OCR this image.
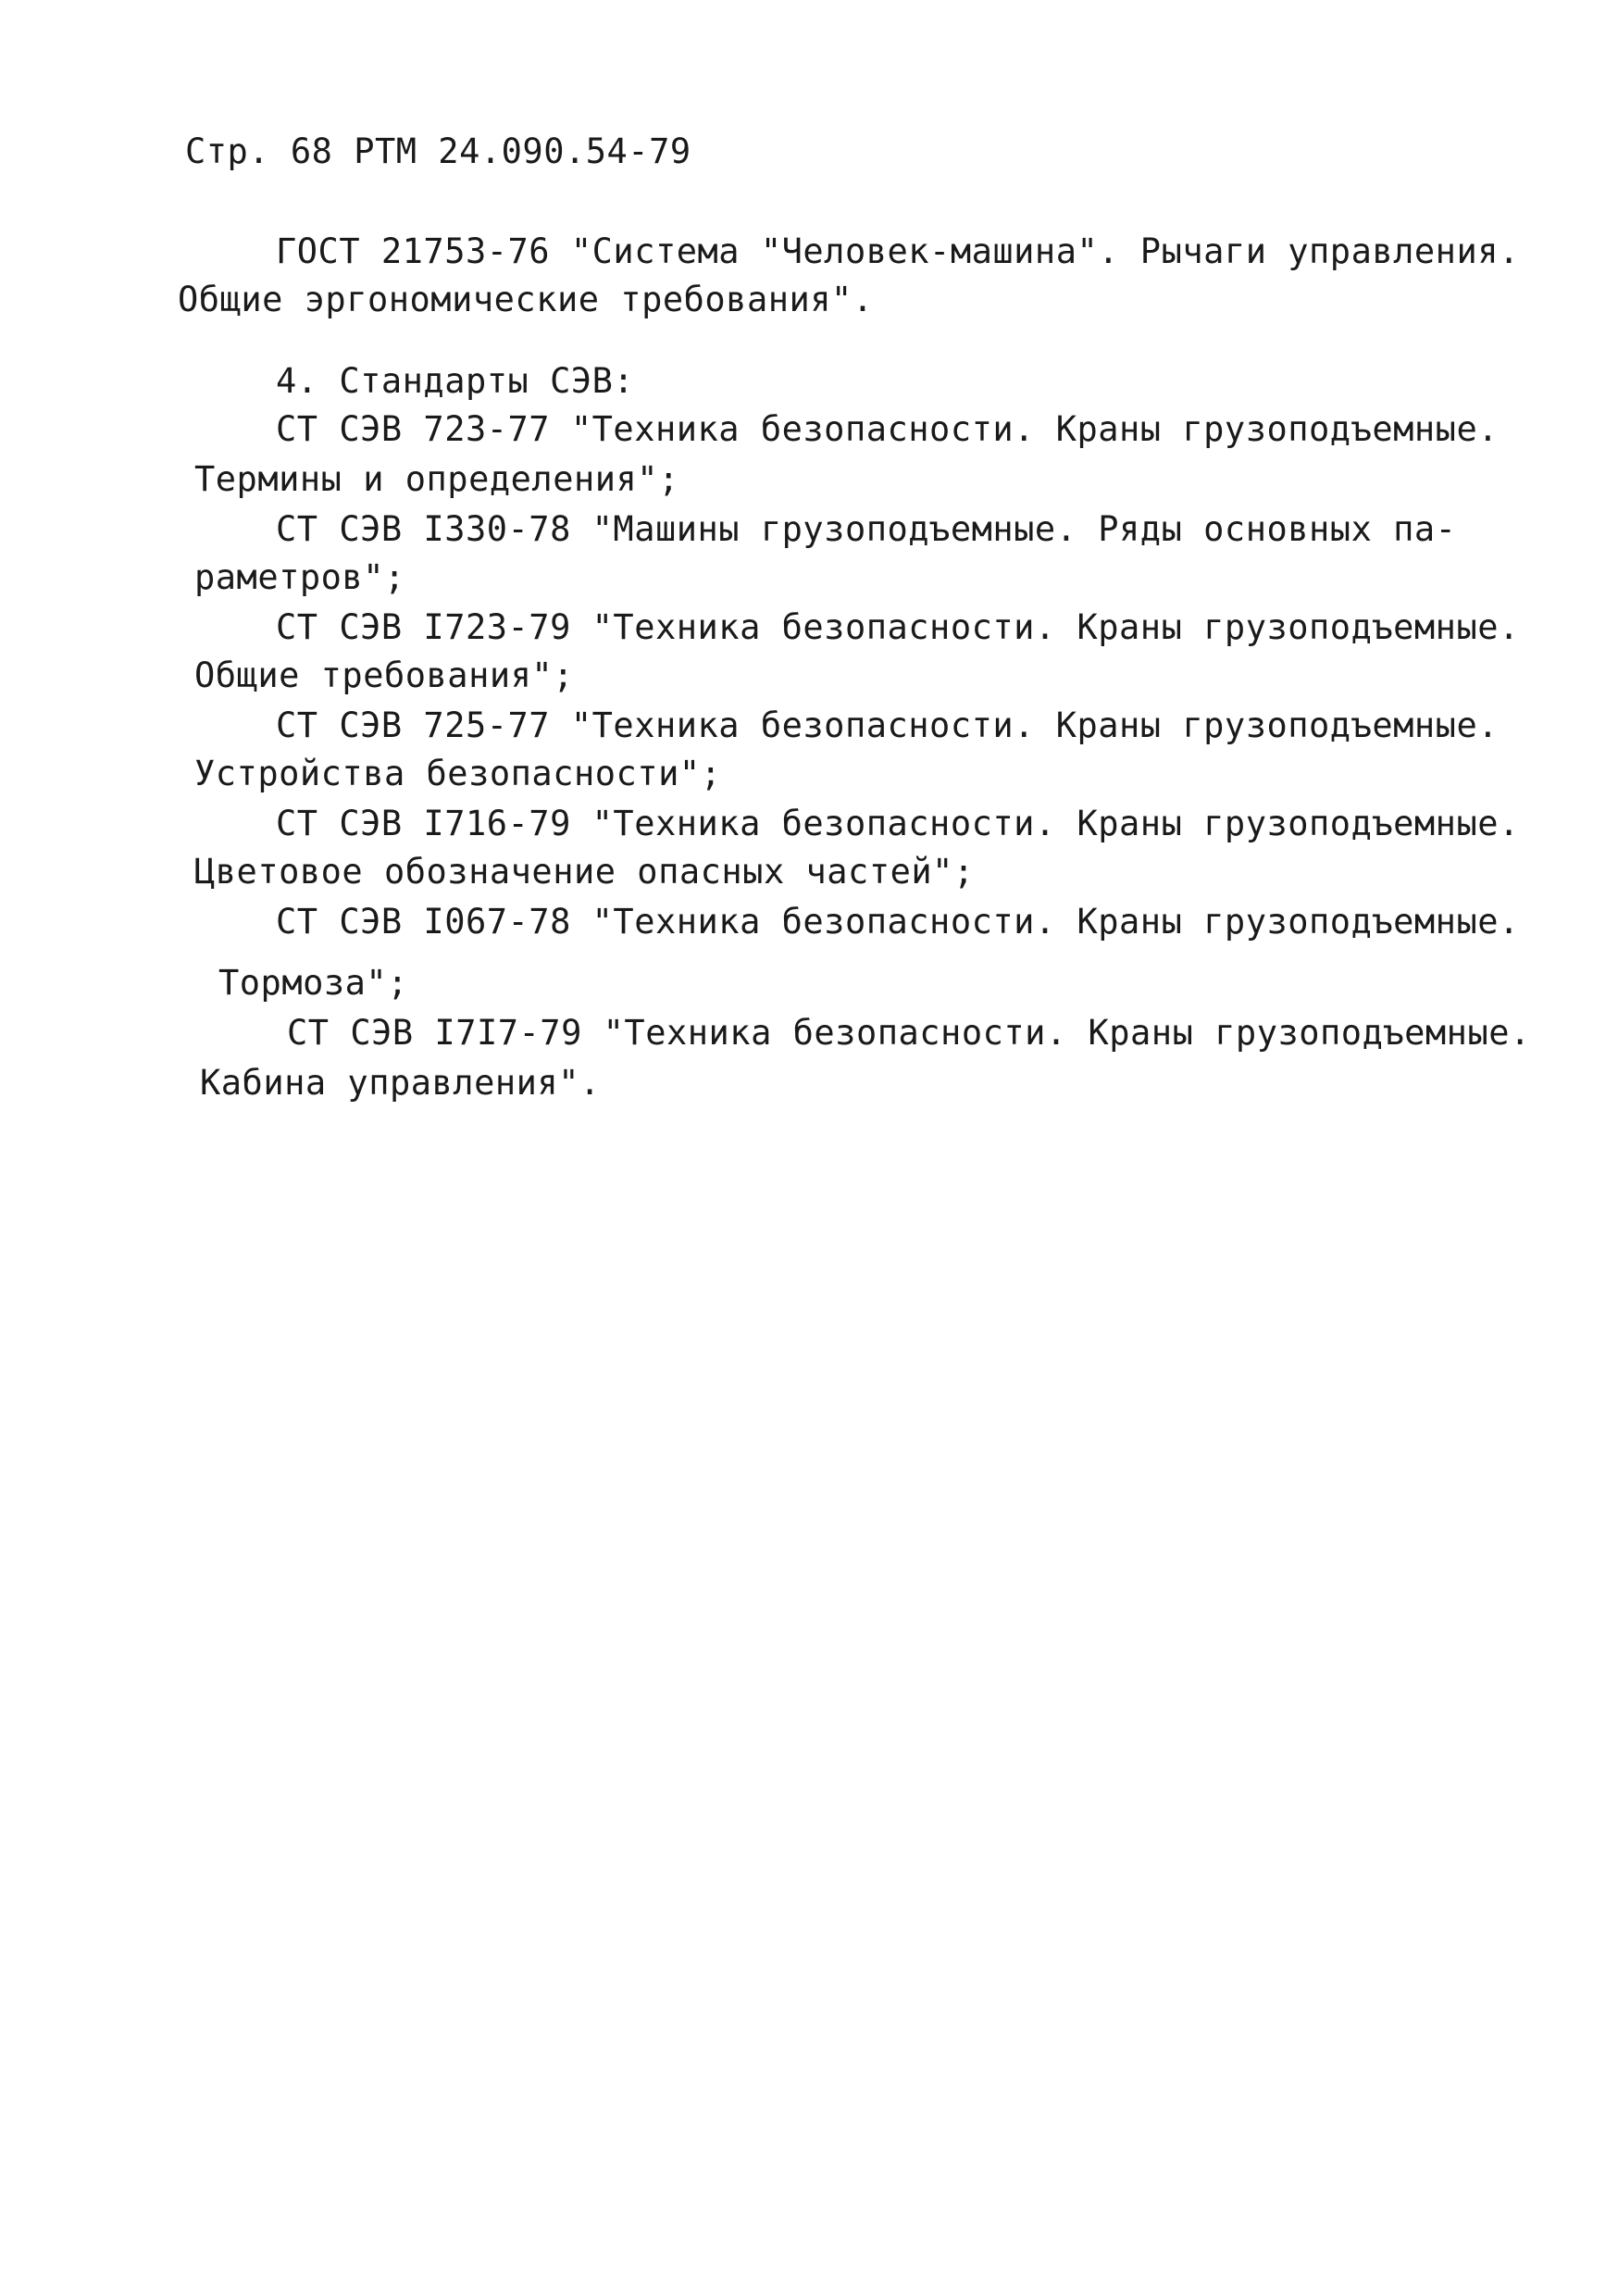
Стр. 68 РТМ 24.090.54-79
ГОСТ 21753-76 "Система "Человек-машина". Рычаги управления.
Общие эргономические требования".
4. Стандарты СЭВ:
СТ СЭВ 723-77 "Техника безопасности. Краны грузоподъемные.
Термины и определения";
СТ СЭВ I330-78 "Машины грузоподъемные. Ряды основных па-
раметров";
СТ СЭВ I723-79 "Техника безопасности. Краны грузоподъемные.
Общие требования";
СТ СЭВ 725-77 "Техника безопасности. Краны грузоподъемные.
Устройства безопасности";
СТ СЭВ I716-79 "Техника безопасности. Краны грузоподъемные.
Цветовое обозначение опасных частей";
СТ СЭВ I067-78 "Техника безопасности. Краны грузоподъемные.
Тормоза";
СТ СЭВ I7I7-79 "Техника безопасности. Краны грузоподъемные.
Кабина управления".
